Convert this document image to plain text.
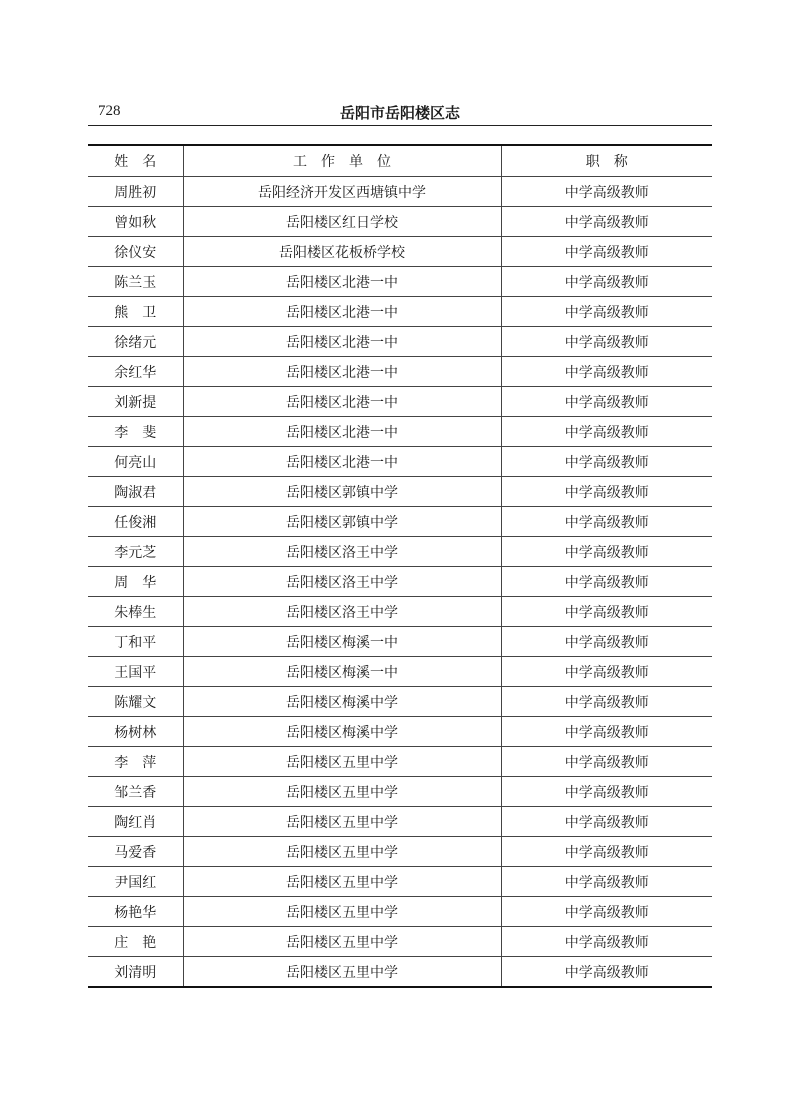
728	岳阳市岳阳楼区志
姓　名	工　作　单　位	职　称
周胜初	岳阳经济开发区西塘镇中学	中学高级教师
曾如秋	岳阳楼区红日学校	中学高级教师
徐仪安	岳阳楼区花板桥学校	中学高级教师
陈兰玉	岳阳楼区北港一中	中学高级教师
熊　卫	岳阳楼区北港一中	中学高级教师
徐绪元	岳阳楼区北港一中	中学高级教师
余红华	岳阳楼区北港一中	中学高级教师
刘新提	岳阳楼区北港一中	中学高级教师
李　斐	岳阳楼区北港一中	中学高级教师
何亮山	岳阳楼区北港一中	中学高级教师
陶淑君	岳阳楼区郭镇中学	中学高级教师
任俊湘	岳阳楼区郭镇中学	中学高级教师
李元芝	岳阳楼区洛王中学	中学高级教师
周　华	岳阳楼区洛王中学	中学高级教师
朱棒生	岳阳楼区洛王中学	中学高级教师
丁和平	岳阳楼区梅溪一中	中学高级教师
王国平	岳阳楼区梅溪一中	中学高级教师
陈耀文	岳阳楼区梅溪中学	中学高级教师
杨树林	岳阳楼区梅溪中学	中学高级教师
李　萍	岳阳楼区五里中学	中学高级教师
邹兰香	岳阳楼区五里中学	中学高级教师
陶红肖	岳阳楼区五里中学	中学高级教师
马爱香	岳阳楼区五里中学	中学高级教师
尹国红	岳阳楼区五里中学	中学高级教师
杨艳华	岳阳楼区五里中学	中学高级教师
庄　艳	岳阳楼区五里中学	中学高级教师
刘清明	岳阳楼区五里中学	中学高级教师
